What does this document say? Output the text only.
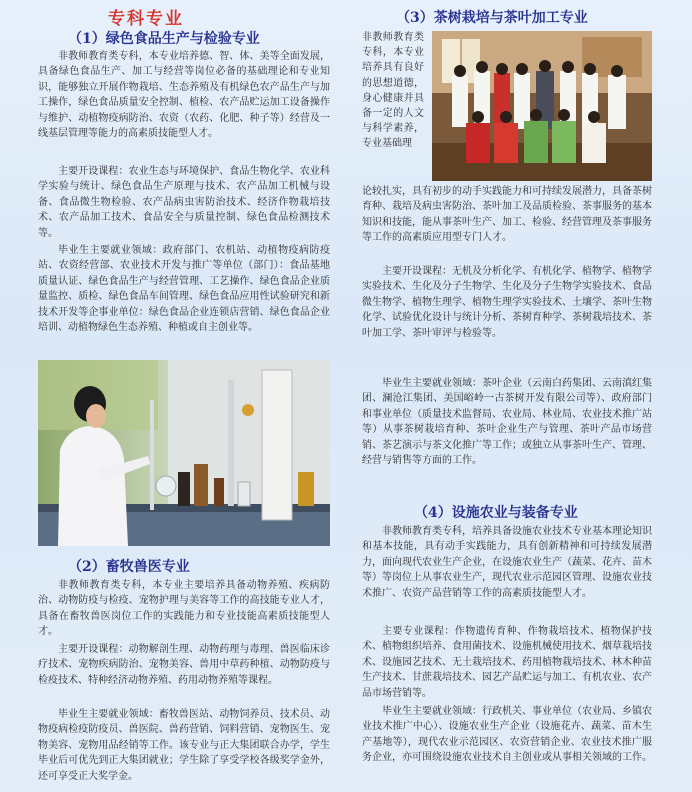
专科专业
（1）绿色食品生产与检验专业

非教师教育类专科，本专业培养德、智、体、美等全面发展，具备绿色食品生产、加工与经营等岗位必备的基础理论和专业知识，能够独立开展作物栽培、生态养殖及有机绿色农产品生产与加工操作，绿色食品质量安全控制、植检、农产品贮运加工设备操作与维护、动植物疫病防治、农资（农药、化肥、种子等）经营及一线基层管理等能力的高素质技能型人才。

主要开设课程：农业生态与环境保护、食品生物化学、农业科学实验与统计、绿色食品生产原理与技术、农产品加工机械与设备、食品微生物检验、农产品病虫害防治技术、经济作物栽培技术、农产品加工技术、食品安全与质量控制、绿色食品检测技术等。

毕业生主要就业领域：政府部门、农机站、动植物疫病防疫站、农资经营部、农业技术开发与推广等单位（部门）：食品基地质量认证、绿色食品生产与经营管理、工艺操作、绿色食品企业质量监控、质检、绿色食品车间管理、绿色食品应用性试验研究和新技术开发等企事业单位：绿色食品企业连锁店营销、绿色食品企业培训、动植物绿色生态养殖、种植或自主创业等。

（2）畜牧兽医专业

非教师教育类专科，本专业主要培养具备动物养殖、疾病防治、动物防疫与检疫、宠物护理与美容等工作的高技能专业人才，具备在畜牧兽医岗位工作的实践能力和专业技能高素质技能型人才。

主要开设课程：动物解剖生理、动物药理与毒理、兽医临床诊疗技术、宠物疾病防治、宠物美容、兽用中草药种植、动物防疫与检疫技术、特种经济动物养殖、药用动物养殖等课程。

毕业生主要就业领域：畜牧兽医站、动物饲养员、技术员、动物疫病检疫防疫员、兽医院、兽药营销、饲料营销、宠物医生、宠物美容、宠物用品经销等工作。该专业与正大集团联合办学，学生毕业后可优先到正大集团就业；学生除了享受学校各级奖学金外，还可享受正大奖学金。

（3）茶树栽培与茶叶加工专业

非教师教育类专科，本专业培养具有良好的思想道德，身心健康并具备一定的人文与科学素养，专业基础理

论较扎实，具有初步的动手实践能力和可持续发展潜力，具备茶树育种、栽培及病虫害防治、茶叶加工及品质检验、茶事服务的基本知识和技能，能从事茶叶生产、加工、检验、经营管理及茶事服务等工作的高素质应用型专门人才。

主要开设课程：无机及分析化学、有机化学、植物学、植物学实验技术、生化及分子生物学、生化及分子生物学实验技术、食品微生物学、植物生理学、植物生理学实验技术、土壤学、茶叶生物化学、试验优化设计与统计分析、茶树育种学、茶树栽培技术、茶叶加工学、茶叶审评与检验等。

毕业生主要就业领域：茶叶企业（云南白药集团、云南滇红集团、澜沧江集团、美国峪岭一古茶树开发有限公司等）、政府部门和事业单位（质量技术监督局、农业局、林业局、农业技术推广站等）从事茶树栽培育种、茶叶企业生产与管理、茶叶产品市场营销、茶艺演示与茶文化推广等工作；或独立从事茶叶生产、管理、经营与销售等方面的工作。

（4）设施农业与装备专业

非教师教育类专科，培养具备设施农业技术专业基本理论知识和基本技能，具有动手实践能力，具有创新精神和可持续发展潜力，面向现代农业生产企业，在设施农业生产（蔬菜、花卉、苗木等）等岗位上从事农业生产，现代农业示范园区管理、设施农业技术推广、农资产品营销等工作的高素质技能型人才。

主要专业课程：作物遗传育种、作物栽培技术、植物保护技术、植物组织培养、食用菌技术、设施机械使用技术、烟草栽培技术、设施园艺技术、无土栽培技术、药用植物栽培技术、林木种苗生产技术、甘蔗栽培技术、园艺产品贮运与加工、有机农业、农产品市场营销等。

毕业生主要就业领域：行政机关、事业单位（农业局、乡镇农业技术推广中心）、设施农业生产企业（设施花卉、蔬菜、苗木生产基地等），现代农业示范园区、农资营销企业、农业技术推广服务企业，亦可围绕设施农业技术自主创业或从事相关领域的工作。
